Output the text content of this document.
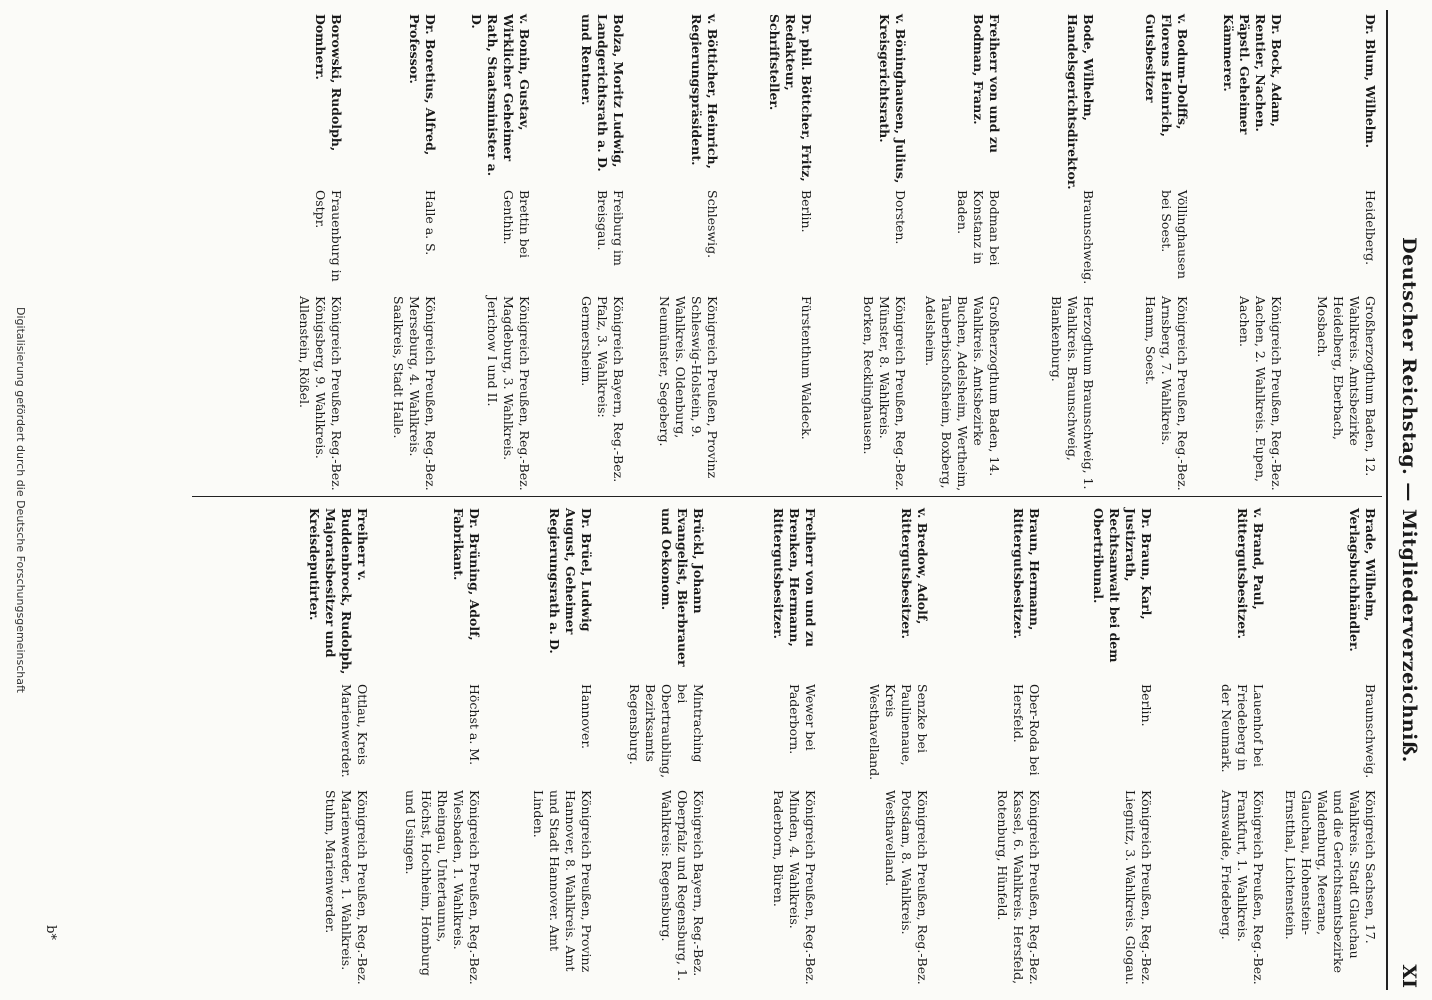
Deutscher Reichstag. — Mitgliederverzeichniß.
XI
Dr. Blum, Wilhelm.
Heidelberg.
Großherzogthum Baden, 12. Wahlkreis. Amtsbezirke Heidelberg, Eberbach, Mosbach.
Dr. Bock, Adam, Rentier, Nachen. Päpstl. Geheimer Kämmerer.
Königreich Preußen, Reg.-Bez. Aachen, 2. Wahlkreis. Eupen, Aachen.
v. Bodum-Dolffs, Florens Heinrich, Gutsbesitzer
Völlinghausen bei Soest.
Königreich Preußen, Reg.-Bez. Arnsberg, 7. Wahlkreis. Hamm, Soest.
Bode, Wilhelm, Handelsgerichtsdirektor.
Braunschweig.
Herzogthum Braunschweig, 1. Wahlkreis. Braunschweig, Blankenburg.
Freiherr von und zu Bodman, Franz.
Bodman bei Konstanz in Baden.
Großherzogthum Baden, 14. Wahlkreis. Amtsbezirke Buchen, Adelsheim, Wertheim, Tauberbischofsheim, Boxberg, Adelsheim.
v. Böninghausen, Julius, Kreisgerichtsrath.
Dorsten.
Königreich Preußen, Reg.-Bez. Münster, 8. Wahlkreis. Borken, Recklinghausen.
Dr. phil. Böttcher, Fritz, Redakteur, Schriftsteller.
Berlin.
Fürstenthum Waldeck.
v. Bötticher, Heinrich, Regierungspräsident.
Schleswig.
Königreich Preußen, Provinz Schleswig-Holstein, 9. Wahlkreis. Oldenburg, Neumünster, Segeberg.
Bolza, Moritz Ludwig, Landgerichtsrath a. D. und Rentner.
Freiburg im Breisgau.
Königreich Bayern, Reg.-Bez. Pfalz, 3. Wahlkreis: Germersheim.
v. Bonin, Gustav, Wirklicher Geheimer Rath, Staatsminister a. D.
Brettin bei Genthin.
Königreich Preußen, Reg.-Bez. Magdeburg, 3. Wahlkreis. Jerichow I und II.
Dr. Boretius, Alfred, Professor.
Halle a. S.
Königreich Preußen, Reg.-Bez. Merseburg, 4. Wahlkreis. Saalkreis, Stadt Halle.
Borowski, Rudolph, Domherr.
Frauenburg in Ostpr.
Königreich Preußen, Reg.-Bez. Königsberg, 9. Wahlkreis. Allenstein, Rößel.
Brade, Wilhelm, Verlagsbuchhändler.
Braunschweig.
Königreich Sachsen, 17. Wahlkreis. Stadt Glauchau und die Gerichtsamtsbezirke Waldenburg, Meerane, Glauchau, Hohenstein-Ernstthal, Lichtenstein.
v. Brand, Paul, Rittergutsbesitzer.
Lauenhof bei Friedeberg in der Neumark.
Königreich Preußen, Reg.-Bez. Frankfurt, 1. Wahlkreis. Arnswalde, Friedeberg.
Dr. Braun, Karl, Justizrath, Rechtsanwalt bei dem Obertribunal.
Berlin.
Königreich Preußen, Reg.-Bez. Liegnitz, 3. Wahlkreis. Glogau.
Braun, Hermann, Rittergutsbesitzer.
Ober-Roda bei Hersfeld.
Königreich Preußen, Reg.-Bez. Kassel, 6. Wahlkreis. Hersfeld, Rotenburg, Hünfeld.
v. Bredow, Adolf, Rittergutsbesitzer.
Senzke bei Paulinenaue, Kreis Westhavelland.
Königreich Preußen, Reg.-Bez. Potsdam, 8. Wahlkreis. Westhavelland.
Freiherr von und zu Brenken, Hermann, Rittergutsbesitzer.
Wewer bei Paderborn.
Königreich Preußen, Reg.-Bez. Minden, 4. Wahlkreis. Paderborn, Büren.
Brückl, Johann Evangelist, Bierbrauer und Oekonom.
Mintraching bei Obertraubling, Bezirksamts Regensburg.
Königreich Bayern, Reg.-Bez. Oberpfalz und Regensburg, 1. Wahlkreis: Regensburg.
Dr. Brüel, Ludwig August, Geheimer Regierungsrath a. D.
Hannover.
Königreich Preußen, Provinz Hannover, 8. Wahlkreis. Amt und Stadt Hannover. Amt Linden.
Dr. Brüning, Adolf, Fabrikant.
Höchst a. M.
Königreich Preußen, Reg.-Bez. Wiesbaden, 1. Wahlkreis. Rheingau, Untertaunus, Höchst, Hochheim, Homburg und Usingen.
Freiherr v. Buddenbrock, Rudolph, Majoratsbesitzer und Kreisdeputirter.
Ottlau, Kreis Marienwerder.
Königreich Preußen, Reg.-Bez. Marienwerder, 1. Wahlkreis. Stuhm, Marienwerder.
b*
Digitalisierung gefördert durch die Deutsche Forschungsgemeinschaft
